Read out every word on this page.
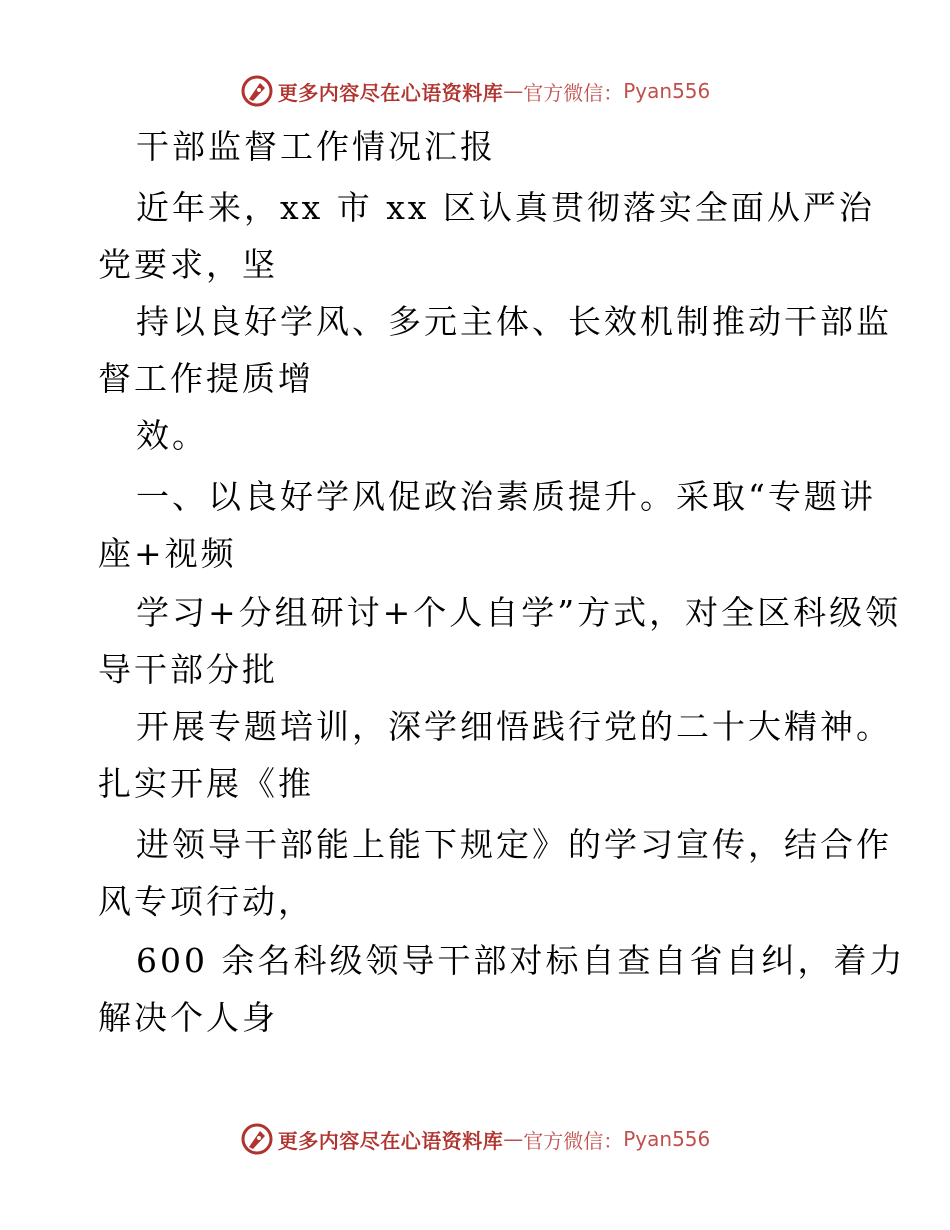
更多内容尽在心语资料库 — 官方微信： Pyan556
干部监督工作情况汇报
近年来，xx 市 xx 区认真贯彻落实全面从严治
党要求，坚
持以良好学风、多元主体、长效机制推动干部监
督工作提质增
效。
一、以良好学风促政治素质提升。采取“专题讲
座+视频
学习+分组研讨+个人自学”方式，对全区科级领
导干部分批
开展专题培训，深学细悟践行党的二十大精神。
扎实开展《推
进领导干部能上能下规定》的学习宣传，结合作
风专项行动，
600 余名科级领导干部对标自查自省自纠，着力
解决个人身
更多内容尽在心语资料库 — 官方微信： Pyan556
